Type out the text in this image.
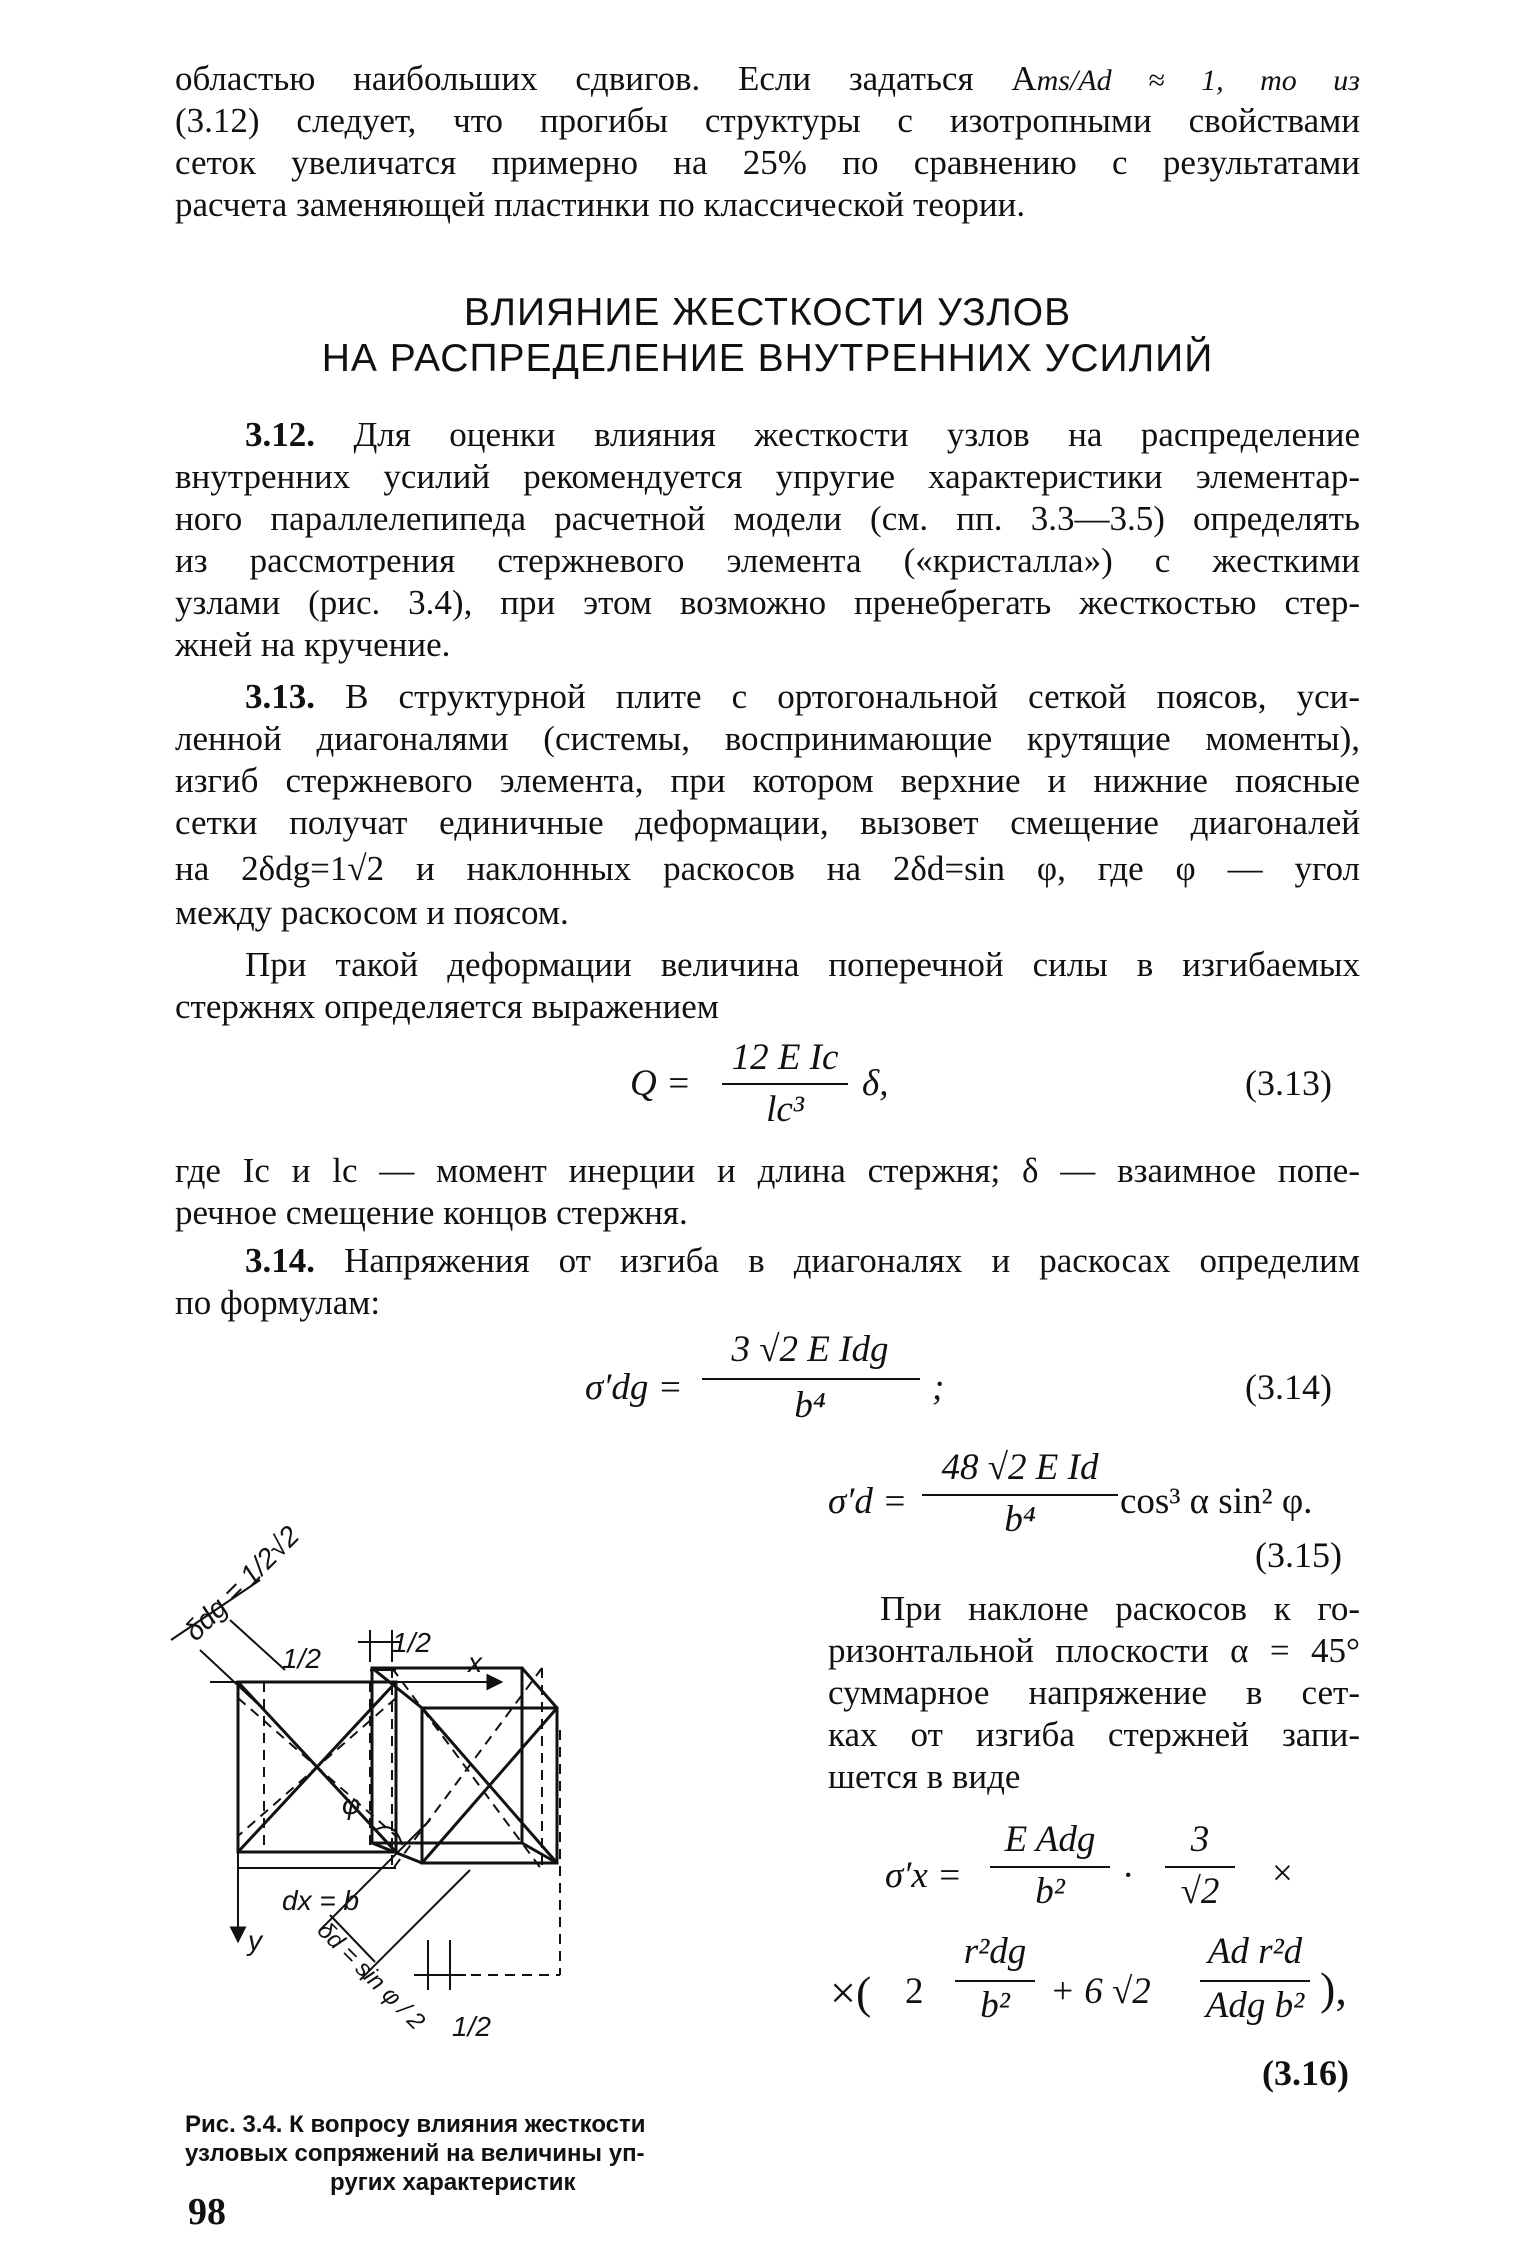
областью наибольших сдвигов. Если задаться Ams/Ad ≈ 1, то из
(3.12) следует, что прогибы структуры с изотропными свойствами
сеток увеличатся примерно на 25% по сравнению с результатами
расчета заменяющей пластинки по классической теории.
ВЛИЯНИЕ ЖЕСТКОСТИ УЗЛОВ
НА РАСПРЕДЕЛЕНИЕ ВНУТРЕННИХ УСИЛИЙ
3.12. Для оценки влияния жесткости узлов на распределение
внутренних усилий рекомендуется упругие характеристики элементар-
ного параллелепипеда расчетной модели (см. пп. 3.3—3.5) определять
из рассмотрения стержневого элемента («кристалла») с жесткими
узлами (рис. 3.4), при этом возможно пренебрегать жесткостью стер-
жней на кручение.
3.13. В структурной плите с ортогональной сеткой поясов, уси-
ленной диагоналями (системы, воспринимающие крутящие моменты),
изгиб стержневого элемента, при котором верхние и нижние поясные
сетки получат единичные деформации, вызовет смещение диагоналей
на 2δdg=1√2 и наклонных раскосов на 2δd=sin φ, где φ — угол
между раскосом и поясом.
При такой деформации величина поперечной силы в изгибаемых
стержнях определяется выражением
Q =
12 E Ic
lc³
δ,	(3.13)
где Ic и lc — момент инерции и длина стержня; δ — взаимное попе-
речное смещение концов стержня.
3.14. Напряжения от изгиба в диагоналях и раскосах определим
по формулам:
σ′dg =
3 √2 E Idg
b⁴	;	(3.14)
σ′d =
48 √2 E Id
b⁴	cos³ α sin² φ.
(3.15)
При наклоне раскосов к го-
ризонтальной плоскости α = 45°
суммарное напряжение в сет-
ках от изгиба стержней запи-
шется в виде
σ′x =
E Adg
b²	·
3
√2	×
×( 2
r²dg
b²	+ 6 √2
Ad r²d
Adg b² ),
(3.16)
δdg = 1/2√2
1/2
1/2
1/2
x
y
dx = b
φ
δd = sin φ / 2
Рис. 3.4. К вопросу влияния жесткости
узловых сопряжений на величины уп-
ругих характеристик
98
